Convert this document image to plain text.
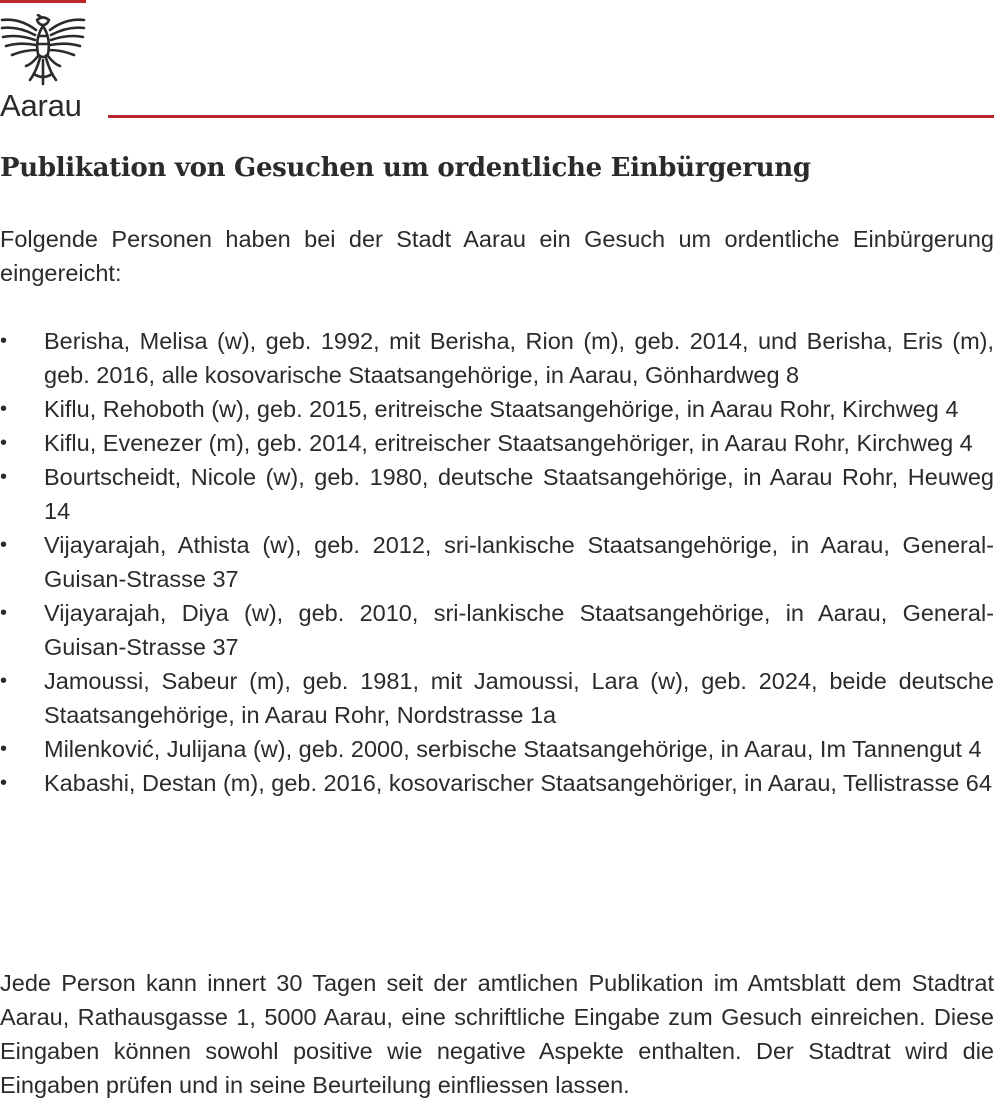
Aarau
Publikation von Gesuchen um ordentliche Einbürgerung

Folgende Personen haben bei der Stadt Aarau ein Gesuch um ordentliche Einbürgerung eingereicht:

•	Berisha, Melisa (w), geb. 1992, mit Berisha, Rion (m), geb. 2014, und Berisha, Eris (m), geb. 2016, alle kosovarische Staatsangehörige, in Aarau, Gönhardweg 8
•	Kiflu, Rehoboth (w), geb. 2015, eritreische Staatsangehörige, in Aarau Rohr, Kirchweg 4
•	Kiflu, Evenezer (m), geb. 2014, eritreischer Staatsangehöriger, in Aarau Rohr, Kirchweg 4
•	Bourtscheidt, Nicole (w), geb. 1980, deutsche Staatsangehörige, in Aarau Rohr, Heuweg 14
•	Vijayarajah, Athista (w), geb. 2012, sri-lankische Staatsangehörige, in Aarau, General-Guisan-Strasse 37
•	Vijayarajah, Diya (w), geb. 2010, sri-lankische Staatsangehörige, in Aarau, General-Guisan-Strasse 37
•	Jamoussi, Sabeur (m), geb. 1981, mit Jamoussi, Lara (w), geb. 2024, beide deutsche Staatsangehörige, in Aarau Rohr, Nordstrasse 1a
•	Milenković, Julijana (w), geb. 2000, serbische Staatsangehörige, in Aarau, Im Tannengut 4
•	Kabashi, Destan (m), geb. 2016, kosovarischer Staatsangehöriger, in Aarau, Tellistrasse 64

Jede Person kann innert 30 Tagen seit der amtlichen Publikation im Amtsblatt dem Stadtrat Aarau, Rathausgasse 1, 5000 Aarau, eine schriftliche Eingabe zum Gesuch einreichen. Diese Eingaben können sowohl positive wie negative Aspekte enthalten. Der Stadtrat wird die Eingaben prüfen und in seine Beurteilung einfliessen lassen.
